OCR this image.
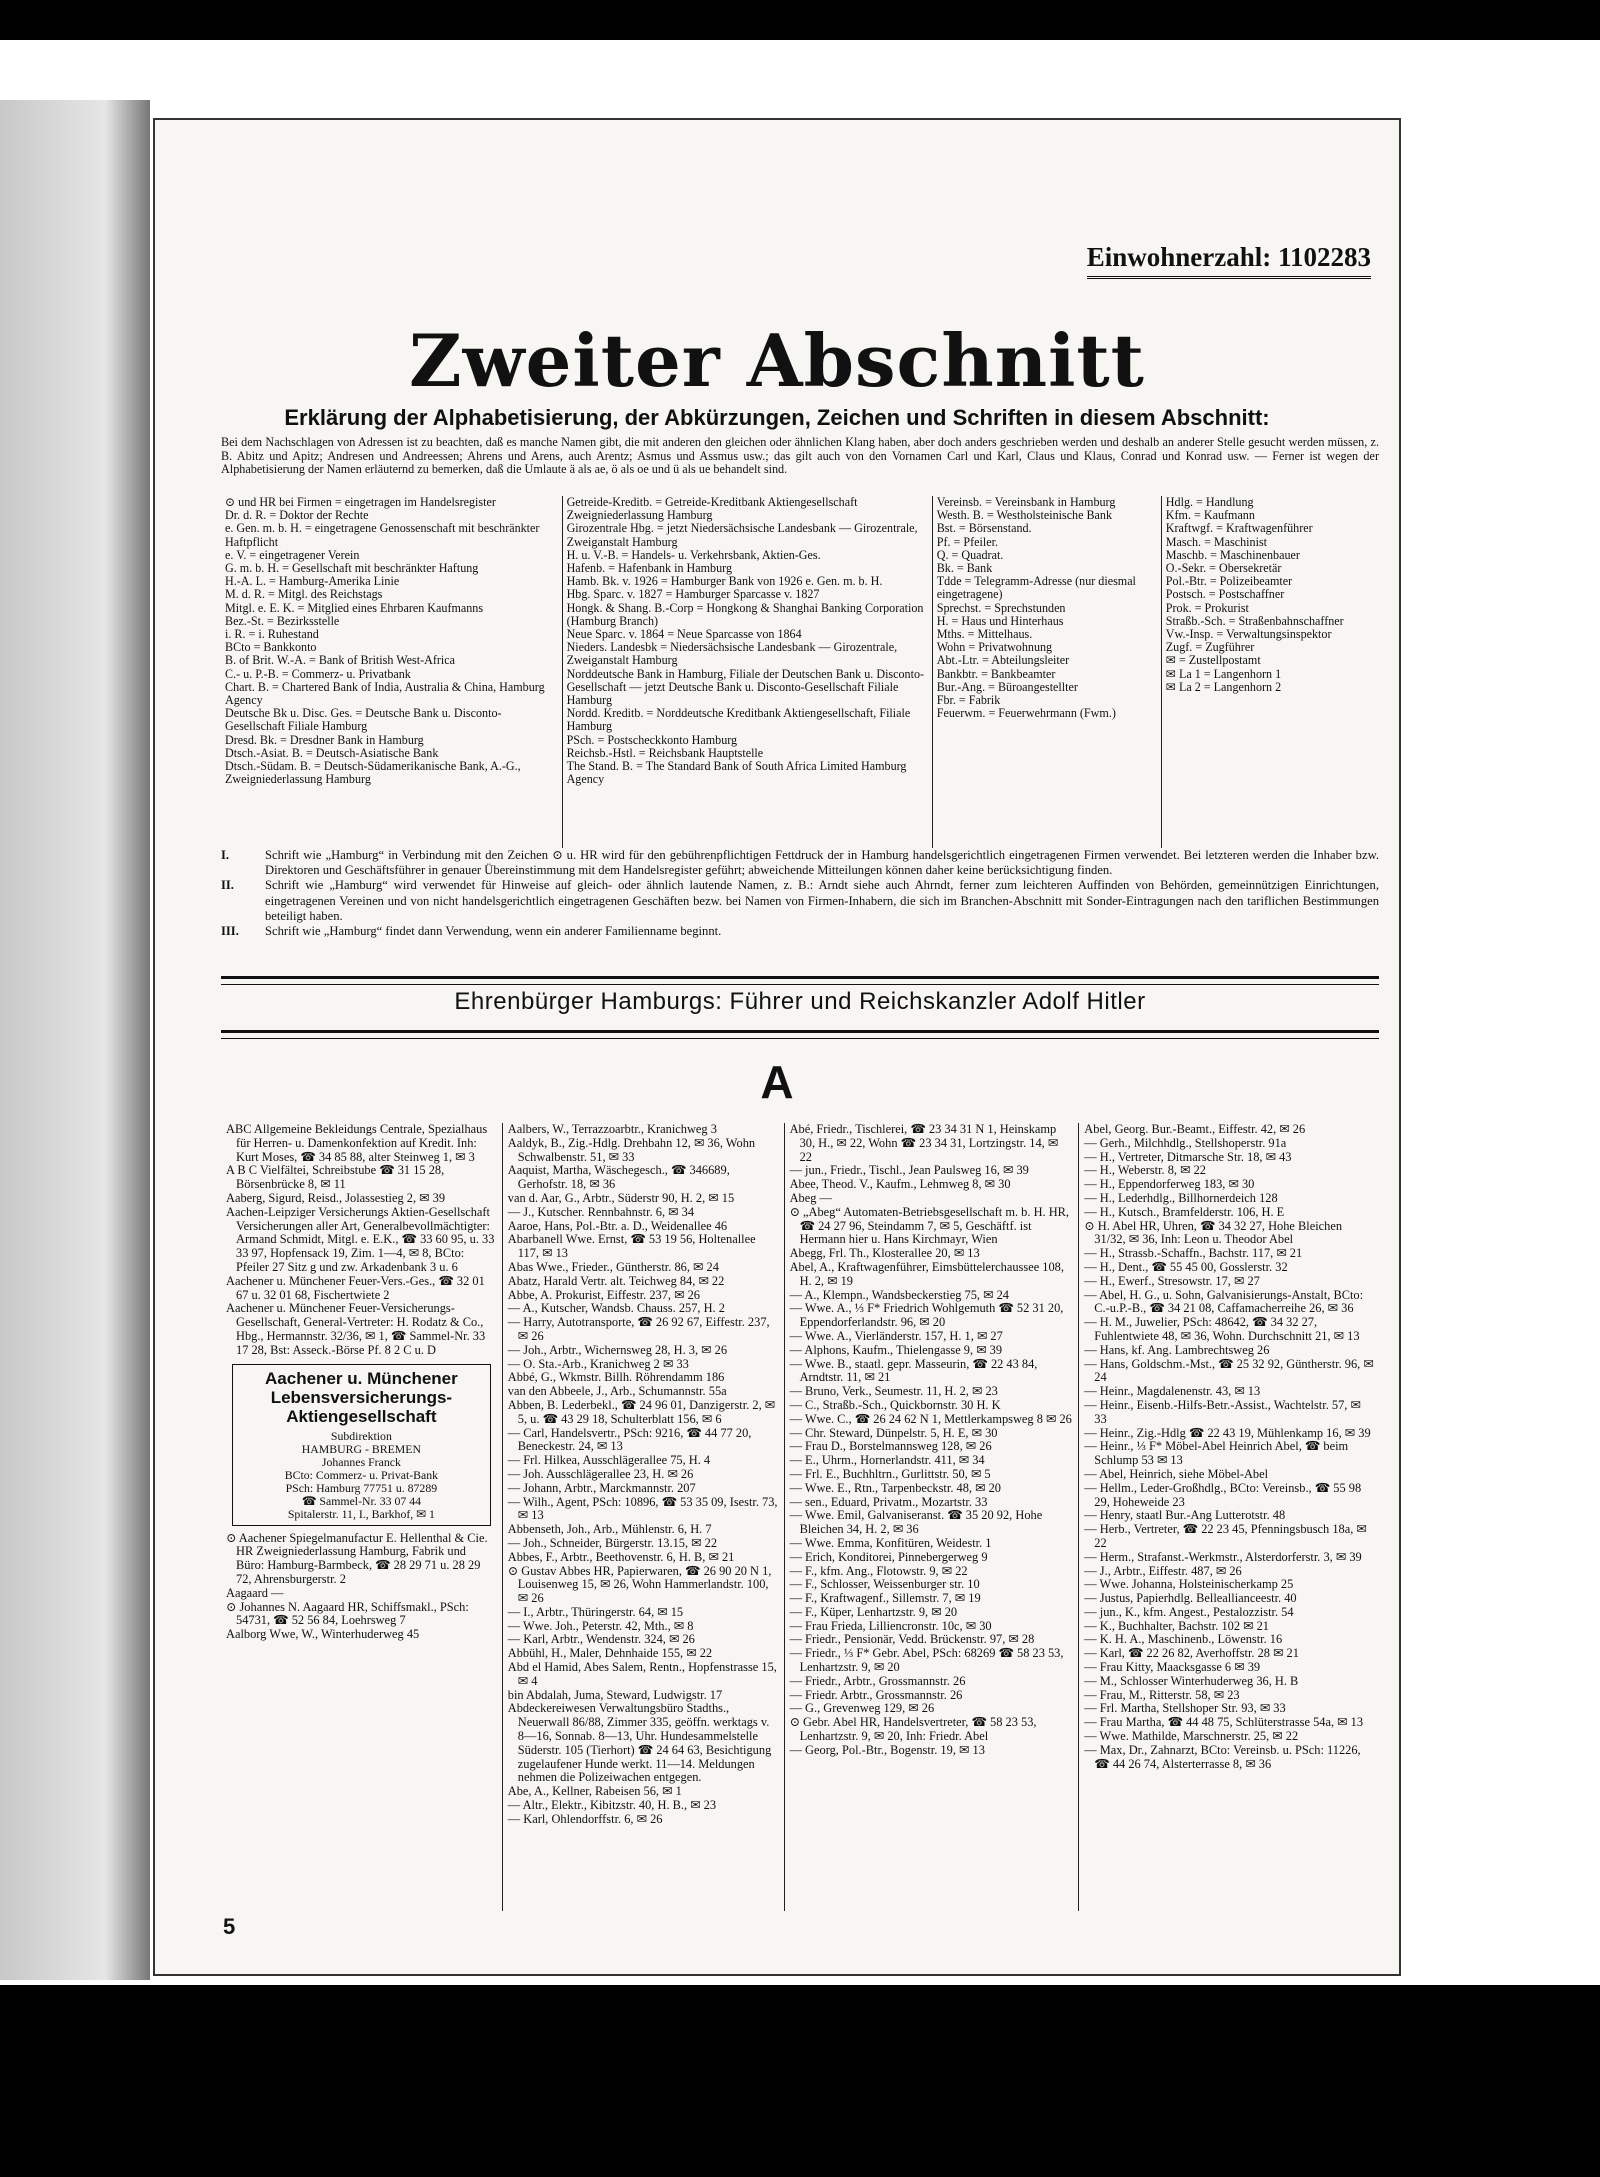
Einwohnerzahl: 1102283
Zweiter Abschnitt
Erklärung der Alphabetisierung, der Abkürzungen, Zeichen und Schriften in diesem Abschnitt:
Bei dem Nachschlagen von Adressen ist zu beachten, daß es manche Namen gibt, die mit anderen den gleichen oder ähnlichen Klang haben, aber doch anders geschrieben werden und deshalb an anderer Stelle gesucht werden müssen, z. B. Abitz und Apitz; Andresen und Andreessen; Ahrens und Arens, auch Arentz; Asmus und Assmus usw.; das gilt auch von den Vornamen Carl und Karl, Claus und Klaus, Conrad und Konrad usw. — Ferner ist wegen der Alphabetisierung der Namen erläuternd zu bemerken, daß die Umlaute ä als ae, ö als oe und ü als ue behandelt sind.
⊙ und HR bei Firmen = eingetragen im Handelsregister
Dr. d. R. = Doktor der Rechte
e. Gen. m. b. H. = eingetragene Genossenschaft mit beschränkter Haftpflicht
e. V. = eingetragener Verein
G. m. b. H. = Gesellschaft mit beschränkter Haftung
H.-A. L. = Hamburg-Amerika Linie
M. d. R. = Mitgl. des Reichstags
Mitgl. e. E. K. = Mitglied eines Ehrbaren Kaufmanns
Bez.-St. = Bezirksstelle
i. R. = i. Ruhestand
BCto = Bankkonto
B. of Brit. W.-A. = Bank of British West-Africa
C.- u. P.-B. = Commerz- u. Privatbank
Chart. B. = Chartered Bank of India, Australia & China, Hamburg Agency
Deutsche Bk u. Disc. Ges. = Deutsche Bank u. Disconto-Gesellschaft Filiale Hamburg
Dresd. Bk. = Dresdner Bank in Hamburg
Dtsch.-Asiat. B. = Deutsch-Asiatische Bank
Dtsch.-Südam. B. = Deutsch-Südamerikanische Bank, A.-G., Zweigniederlassung Hamburg
Getreide-Kreditb. = Getreide-Kreditbank Aktiengesellschaft Zweigniederlassung Hamburg
Girozentrale Hbg. = jetzt Niedersächsische Landesbank — Girozentrale, Zweiganstalt Hamburg
H. u. V.-B. = Handels- u. Verkehrsbank, Aktien-Ges.
Hafenb. = Hafenbank in Hamburg
Hamb. Bk. v. 1926 = Hamburger Bank von 1926 e. Gen. m. b. H.
Hbg. Sparc. v. 1827 = Hamburger Sparcasse v. 1827
Hongk. & Shang. B.-Corp = Hongkong & Shanghai Banking Corporation (Hamburg Branch)
Neue Sparc. v. 1864 = Neue Sparcasse von 1864
Nieders. Landesbk = Niedersächsische Landesbank — Girozentrale, Zweiganstalt Hamburg
Norddeutsche Bank in Hamburg, Filiale der Deutschen Bank u. Disconto-Gesellschaft — jetzt Deutsche Bank u. Disconto-Gesellschaft Filiale Hamburg
Nordd. Kreditb. = Norddeutsche Kreditbank Aktiengesellschaft, Filiale Hamburg
PSch. = Postscheckkonto Hamburg
Reichsb.-Hstl. = Reichsbank Hauptstelle
The Stand. B. = The Standard Bank of South Africa Limited Hamburg Agency
Vereinsb. = Vereinsbank in Hamburg
Westh. B. = Westholsteinische Bank
Bst. = Börsenstand.
Pf. = Pfeiler.
Q. = Quadrat.
Bk. = Bank
Tdde = Telegramm-Adresse (nur diesmal eingetragene)
Sprechst. = Sprechstunden
H. = Haus und Hinterhaus
Mths. = Mittelhaus.
Wohn = Privatwohnung
Abt.-Ltr. = Abteilungsleiter
Bankbtr. = Bankbeamter
Bur.-Ang. = Büroangestellter
Fbr. = Fabrik
Feuerwm. = Feuerwehrmann (Fwm.)
Hdlg. = Handlung
Kfm. = Kaufmann
Kraftwgf. = Kraftwagenführer
Masch. = Maschinist
Maschb. = Maschinenbauer
O.-Sekr. = Obersekretär
Pol.-Btr. = Polizeibeamter
Postsch. = Postschaffner
Prok. = Prokurist
Straßb.-Sch. = Straßenbahnschaffner
Vw.-Insp. = Verwaltungsinspektor
Zugf. = Zugführer
✉ = Zustellpostamt
✉ La 1 = Langenhorn 1
✉ La 2 = Langenhorn 2
I.	Schrift wie „Hamburg“ in Verbindung mit den Zeichen ⊙ u. HR wird für den gebührenpflichtigen Fettdruck der in Hamburg handelsgerichtlich eingetragenen Firmen verwendet. Bei letzteren werden die Inhaber bzw. Direktoren und Geschäftsführer in genauer Übereinstimmung mit dem Handelsregister geführt; abweichende Mitteilungen können daher keine berücksichtigung finden.
II.	Schrift wie „Hamburg“ wird verwendet für Hinweise auf gleich- oder ähnlich lautende Namen, z. B.: Arndt siehe auch Ahrndt, ferner zum leichteren Auffinden von Behörden, gemeinnützigen Einrichtungen, eingetragenen Vereinen und von nicht handelsgerichtlich eingetragenen Geschäften bezw. bei Namen von Firmen-Inhabern, die sich im Branchen-Abschnitt mit Sonder-Eintragungen nach den tariflichen Bestimmungen beteiligt haben.
III.	Schrift wie „Hamburg“ findet dann Verwendung, wenn ein anderer Familienname beginnt.
Ehrenbürger Hamburgs: Führer und Reichskanzler Adolf Hitler
A
ABC Allgemeine Bekleidungs Centrale, Spezialhaus für Herren- u. Damenkonfektion auf Kredit. Inh: Kurt Moses, ☎ 34 85 88, alter Steinweg 1, ✉ 3
A B C Vielfältei, Schreibstube ☎ 31 15 28, Börsenbrücke 8, ✉ 11
Aaberg, Sigurd, Reisd., Jolassestieg 2, ✉ 39
Aachen-Leipziger Versicherungs Aktien-Gesellschaft Versicherungen aller Art, Generalbevollmächtigter: Armand Schmidt, Mitgl. e. E.K., ☎ 33 60 95, u. 33 33 97, Hopfensack 19, Zim. 1—4, ✉ 8, BCto: Pfeiler 27 Sitz g und zw. Arkadenbank 3 u. 6
Aachener u. Münchener Feuer-Vers.-Ges., ☎ 32 01 67 u. 32 01 68, Fischertwiete 2
Aachener u. Münchener Feuer-Versicherungs-Gesellschaft, General-Vertreter: H. Rodatz & Co., Hbg., Hermannstr. 32/36, ✉ 1, ☎ Sammel-Nr. 33 17 28, Bst: Asseck.-Börse Pf. 8 2 C u. D
Aachener u. Münchener Lebensversicherungs-Aktiengesellschaft
Subdirektion
HAMBURG - BREMEN
Johannes Franck
BCto: Commerz- u. Privat-Bank
PSch: Hamburg 77751 u. 87289
☎ Sammel-Nr. 33 07 44
Spitalerstr. 11, I., Barkhof, ✉ 1
⊙ Aachener Spiegelmanufactur E. Hellenthal & Cie. HR Zweigniederlassung Hamburg, Fabrik und Büro: Hamburg-Barmbeck, ☎ 28 29 71 u. 28 29 72, Ahrensburgerstr. 2
Aagaard —
⊙ Johannes N. Aagaard HR, Schiffsmakl., PSch: 54731, ☎ 52 56 84, Loehrsweg 7
Aalborg Wwe, W., Winterhuderweg 45
Aalbers, W., Terrazzoarbtr., Kranichweg 3
Aaldyk, B., Zig.-Hdlg. Drehbahn 12, ✉ 36, Wohn Schwalbenstr. 51, ✉ 33
Aaquist, Martha, Wäschegesch., ☎ 346689, Gerhofstr. 18, ✉ 36
van d. Aar, G., Arbtr., Süderstr 90, H. 2, ✉ 15
— J., Kutscher. Rennbahnstr. 6, ✉ 34
Aaroe, Hans, Pol.-Btr. a. D., Weidenallee 46
Abarbanell Wwe. Ernst, ☎ 53 19 56, Holtenallee 117, ✉ 13
Abas Wwe., Frieder., Güntherstr. 86, ✉ 24
Abatz, Harald Vertr. alt. Teichweg 84, ✉ 22
Abbe, A. Prokurist, Eiffestr. 237, ✉ 26
— A., Kutscher, Wandsb. Chauss. 257, H. 2
— Harry, Autotransporte, ☎ 26 92 67, Eiffestr. 237, ✉ 26
— Joh., Arbtr., Wichernsweg 28, H. 3, ✉ 26
— O. Sta.-Arb., Kranichweg 2 ✉ 33
Abbé, G., Wkmstr. Billh. Röhrendamm 186
van den Abbeele, J., Arb., Schumannstr. 55a
Abben, B. Lederbekl., ☎ 24 96 01, Danzigerstr. 2, ✉ 5, u. ☎ 43 29 18, Schulterblatt 156, ✉ 6
— Carl, Handelsvertr., PSch: 9216, ☎ 44 77 20, Beneckestr. 24, ✉ 13
— Frl. Hilkea, Ausschlägerallee 75, H. 4
— Joh. Ausschlägerallee 23, H. ✉ 26
— Johann, Arbtr., Marckmannstr. 207
— Wilh., Agent, PSch: 10896, ☎ 53 35 09, Isestr. 73, ✉ 13
Abbenseth, Joh., Arb., Mühlenstr. 6, H. 7
— Joh., Schneider, Bürgerstr. 13.15, ✉ 22
Abbes, F., Arbtr., Beethovenstr. 6, H. B, ✉ 21
⊙ Gustav Abbes HR, Papierwaren, ☎ 26 90 20 N 1, Louisenweg 15, ✉ 26, Wohn Hammerlandstr. 100, ✉ 26
— I., Arbtr., Thüringerstr. 64, ✉ 15
— Wwe. Joh., Peterstr. 42, Mth., ✉ 8
— Karl, Arbtr., Wendenstr. 324, ✉ 26
Abbühl, H., Maler, Dehnhaide 155, ✉ 22
Abd el Hamid, Abes Salem, Rentn., Hopfenstrasse 15, ✉ 4
bin Abdalah, Juma, Steward, Ludwigstr. 17
Abdeckereiwesen Verwaltungsbüro Stadths., Neuerwall 86/88, Zimmer 335, geöffn. werktags v. 8—16, Sonnab. 8—13, Uhr. Hundesammelstelle Süderstr. 105 (Tierhort) ☎ 24 64 63, Besichtigung zugelaufener Hunde werkt. 11—14. Meldungen nehmen die Polizeiwachen entgegen.
Abe, A., Kellner, Rabeisen 56, ✉ 1
— Altr., Elektr., Kibitzstr. 40, H. B., ✉ 23
— Karl, Ohlendorffstr. 6, ✉ 26
Abé, Friedr., Tischlerei, ☎ 23 34 31 N 1, Heinskamp 30, H., ✉ 22, Wohn ☎ 23 34 31, Lortzingstr. 14, ✉ 22
— jun., Friedr., Tischl., Jean Paulsweg 16, ✉ 39
Abee, Theod. V., Kaufm., Lehmweg 8, ✉ 30
Abeg —
⊙ „Abeg“ Automaten-Betriebsgesellschaft m. b. H. HR, ☎ 24 27 96, Steindamm 7, ✉ 5, Geschäftf. ist Hermann hier u. Hans Kirchmayr, Wien
Abegg, Frl. Th., Klosterallee 20, ✉ 13
Abel, A., Kraftwagenführer, Eimsbüttelerchaussee 108, H. 2, ✉ 19
— A., Klempn., Wandsbeckerstieg 75, ✉ 24
— Wwe. A., ⅓ F* Friedrich Wohlgemuth ☎ 52 31 20, Eppendorferlandstr. 96, ✉ 20
— Wwe. A., Vierländerstr. 157, H. 1, ✉ 27
— Alphons, Kaufm., Thielengasse 9, ✉ 39
— Wwe. B., staatl. gepr. Masseurin, ☎ 22 43 84, Arndtstr. 11, ✉ 21
— Bruno, Verk., Seumestr. 11, H. 2, ✉ 23
— C., Straßb.-Sch., Quickbornstr. 30 H. K
— Wwe. C., ☎ 26 24 62 N 1, Mettlerkampsweg 8 ✉ 26
— Chr. Steward, Dünpelstr. 5, H. E, ✉ 30
— Frau D., Borstelmannsweg 128, ✉ 26
— E., Uhrm., Hornerlandstr. 411, ✉ 34
— Frl. E., Buchhltrn., Gurlittstr. 50, ✉ 5
— Wwe. E., Rtn., Tarpenbeckstr. 48, ✉ 20
— sen., Eduard, Privatm., Mozartstr. 33
— Wwe. Emil, Galvaniseranst. ☎ 35 20 92, Hohe Bleichen 34, H. 2, ✉ 36
— Wwe. Emma, Konfitüren, Weidestr. 1
— Erich, Konditorei, Pinnebergerweg 9
— F., kfm. Ang., Flotowstr. 9, ✉ 22
— F., Schlosser, Weissenburger str. 10
— F., Kraftwagenf., Sillemstr. 7, ✉ 19
— F., Küper, Lenhartzstr. 9, ✉ 20
— Frau Frieda, Lilliencronstr. 10c, ✉ 30
— Friedr., Pensionär, Vedd. Brückenstr. 97, ✉ 28
— Friedr., ⅓ F* Gebr. Abel, PSch: 68269 ☎ 58 23 53, Lenhartzstr. 9, ✉ 20
— Friedr., Arbtr., Grossmannstr. 26
— Friedr. Arbtr., Grossmannstr. 26
— G., Grevenweg 129, ✉ 26
⊙ Gebr. Abel HR, Handelsvertreter, ☎ 58 23 53, Lenhartzstr. 9, ✉ 20, Inh: Friedr. Abel
— Georg, Pol.-Btr., Bogenstr. 19, ✉ 13
Abel, Georg. Bur.-Beamt., Eiffestr. 42, ✉ 26
— Gerh., Milchhdlg., Stellshoperstr. 91a
— H., Vertreter, Ditmarsche Str. 18, ✉ 43
— H., Weberstr. 8, ✉ 22
— H., Eppendorferweg 183, ✉ 30
— H., Lederhdlg., Billhornerdeich 128
— H., Kutsch., Bramfelderstr. 106, H. E
⊙ H. Abel HR, Uhren, ☎ 34 32 27, Hohe Bleichen 31/32, ✉ 36, Inh: Leon u. Theodor Abel
— H., Strassb.-Schaffn., Bachstr. 117, ✉ 21
— H., Dent., ☎ 55 45 00, Gosslerstr. 32
— H., Ewerf., Stresowstr. 17, ✉ 27
— Abel, H. G., u. Sohn, Galvanisierungs-Anstalt, BCto: C.-u.P.-B., ☎ 34 21 08, Caffamacherreihe 26, ✉ 36
— H. M., Juwelier, PSch: 48642, ☎ 34 32 27, Fuhlentwiete 48, ✉ 36, Wohn. Durchschnitt 21, ✉ 13
— Hans, kf. Ang. Lambrechtsweg 26
— Hans, Goldschm.-Mst., ☎ 25 32 92, Güntherstr. 96, ✉ 24
— Heinr., Magdalenenstr. 43, ✉ 13
— Heinr., Eisenb.-Hilfs-Betr.-Assist., Wachtelstr. 57, ✉ 33
— Heinr., Zig.-Hdlg ☎ 22 43 19, Mühlenkamp 16, ✉ 39
— Heinr., ⅓ F* Möbel-Abel Heinrich Abel, ☎ beim Schlump 53 ✉ 13
— Abel, Heinrich, siehe Möbel-Abel
— Hellm., Leder-Großhdlg., BCto: Vereinsb., ☎ 55 98 29, Hoheweide 23
— Henry, staatl Bur.-Ang Lutterotstr. 48
— Herb., Vertreter, ☎ 22 23 45, Pfenningsbusch 18a, ✉ 22
— Herm., Strafanst.-Werkmstr., Alsterdorferstr. 3, ✉ 39
— J., Arbtr., Eiffestr. 487, ✉ 26
— Wwe. Johanna, Holsteinischerkamp 25
— Justus, Papierhdlg. Belleallianceestr. 40
— jun., K., kfm. Angest., Pestalozzistr. 54
— K., Buchhalter, Bachstr. 102 ✉ 21
— K. H. A., Maschinenb., Löwenstr. 16
— Karl, ☎ 22 26 82, Averhoffstr. 28 ✉ 21
— Frau Kitty, Maacksgasse 6 ✉ 39
— M., Schlosser Winterhuderweg 36, H. B
— Frau, M., Ritterstr. 58, ✉ 23
— Frl. Martha, Stellshoper Str. 93, ✉ 33
— Frau Martha, ☎ 44 48 75, Schlüterstrasse 54a, ✉ 13
— Wwe. Mathilde, Marschnerstr. 25, ✉ 22
— Max, Dr., Zahnarzt, BCto: Vereinsb. u. PSch: 11226, ☎ 44 26 74, Alsterterrasse 8, ✉ 36
5
